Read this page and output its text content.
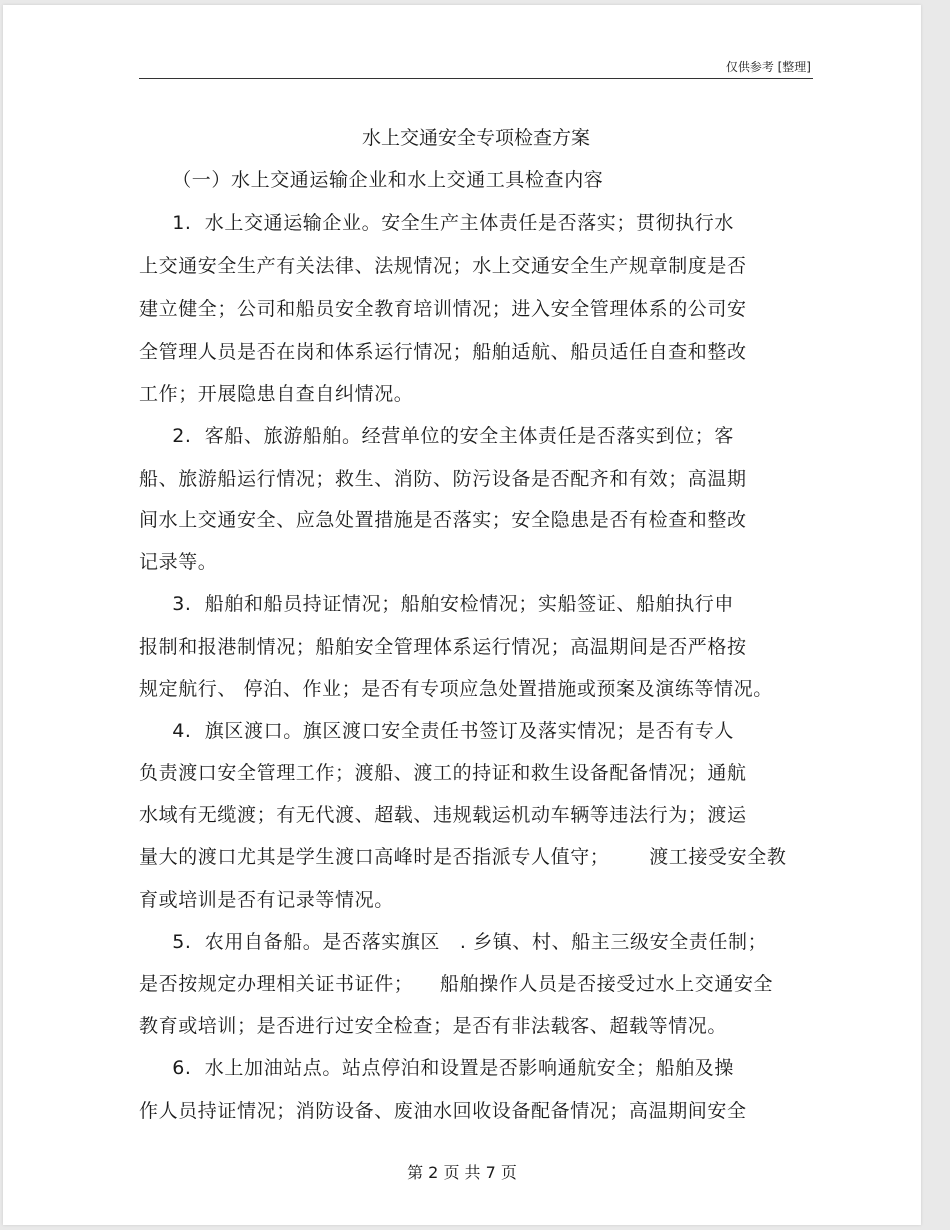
仅供参考 [整理]
水上交通安全专项检查方案
（一）水上交通运输企业和水上交通工具检查内容
1.  水上交通运输企业。安全生产主体责任是否落实；贯彻执行水
上交通安全生产有关法律、法规情况；水上交通安全生产规章制度是否
建立健全；公司和船员安全教育培训情况；进入安全管理体系的公司安
全管理人员是否在岗和体系运行情况；船舶适航、船员适任自查和整改
工作；开展隐患自查自纠情况。
2.  客船、旅游船舶。经营单位的安全主体责任是否落实到位；客
船、旅游船运行情况；救生、消防、防污设备是否配齐和有效；高温期
间水上交通安全、应急处置措施是否落实；安全隐患是否有检查和整改
记录等。
3.  船舶和船员持证情况；船舶安检情况；实船签证、船舶执行申
报制和报港制情况；船舶安全管理体系运行情况；高温期间是否严格按
规定航行、 停泊、作业；是否有专项应急处置措施或预案及演练等情况。
4.  旗区渡口。旗区渡口安全责任书签订及落实情况；是否有专人
负责渡口安全管理工作；渡船、渡工的持证和救生设备配备情况；通航
水域有无缆渡；有无代渡、超载、违规载运机动车辆等违法行为；渡运
量大的渡口尤其是学生渡口高峰时是否指派专人值守；      渡工接受安全教
育或培训是否有记录等情况。
5.  农用自备船。是否落实旗区   . 乡镇、村、船主三级安全责任制；
是否按规定办理相关证书证件；    船舶操作人员是否接受过水上交通安全
教育或培训；是否进行过安全检查；是否有非法载客、超载等情况。
6.  水上加油站点。站点停泊和设置是否影响通航安全；船舶及操
作人员持证情况；消防设备、废油水回收设备配备情况；高温期间安全
第 2 页 共 7 页
